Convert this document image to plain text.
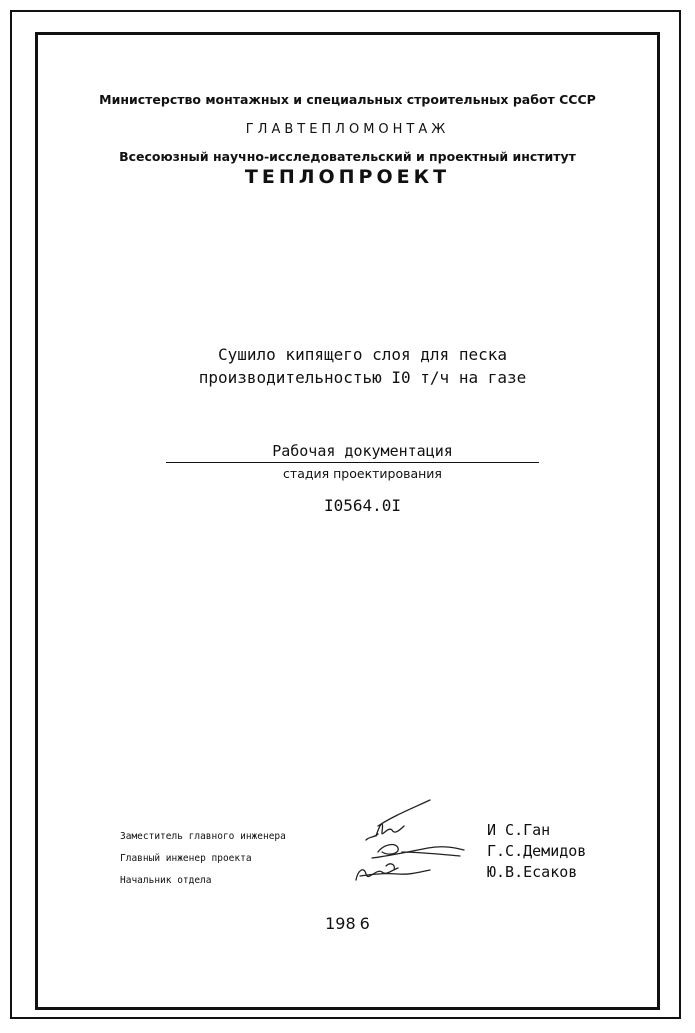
Министерство монтажных и специальных строительных работ СССР
ГЛАВТЕПЛОМОНТАЖ
Всесоюзный научно-исследовательский и проектный институт
ТЕПЛОПРОЕКТ
Сушило кипящего слоя для песка
производительностью I0 т/ч на газе
Рабочая документация
стадия проектирования
I0564.0I
Заместитель главного инженера
Главный инженер проекта
Начальник отдела
И С.Ган
Г.С.Демидов
Ю.В.Есаков
198 6
